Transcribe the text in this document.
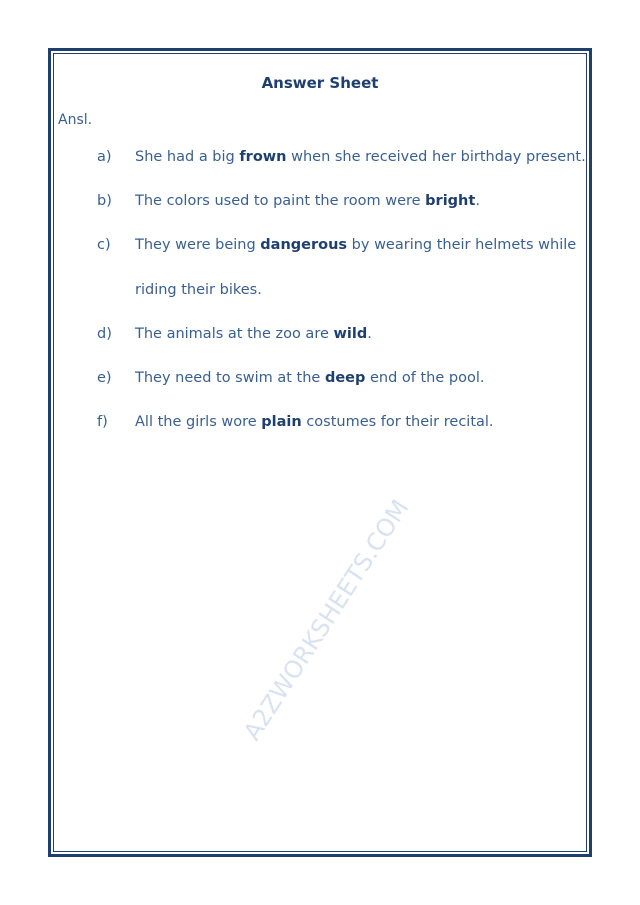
A2ZWORKSHEETS.COM
Answer Sheet
Ansl.
a) She had a big frown when she received her birthday present.
b) The colors used to paint the room were bright.
c) They were being dangerous by wearing their helmets while
riding their bikes.
d) The animals at the zoo are wild.
e) They need to swim at the deep end of the pool.
f) All the girls wore plain costumes for their recital.
